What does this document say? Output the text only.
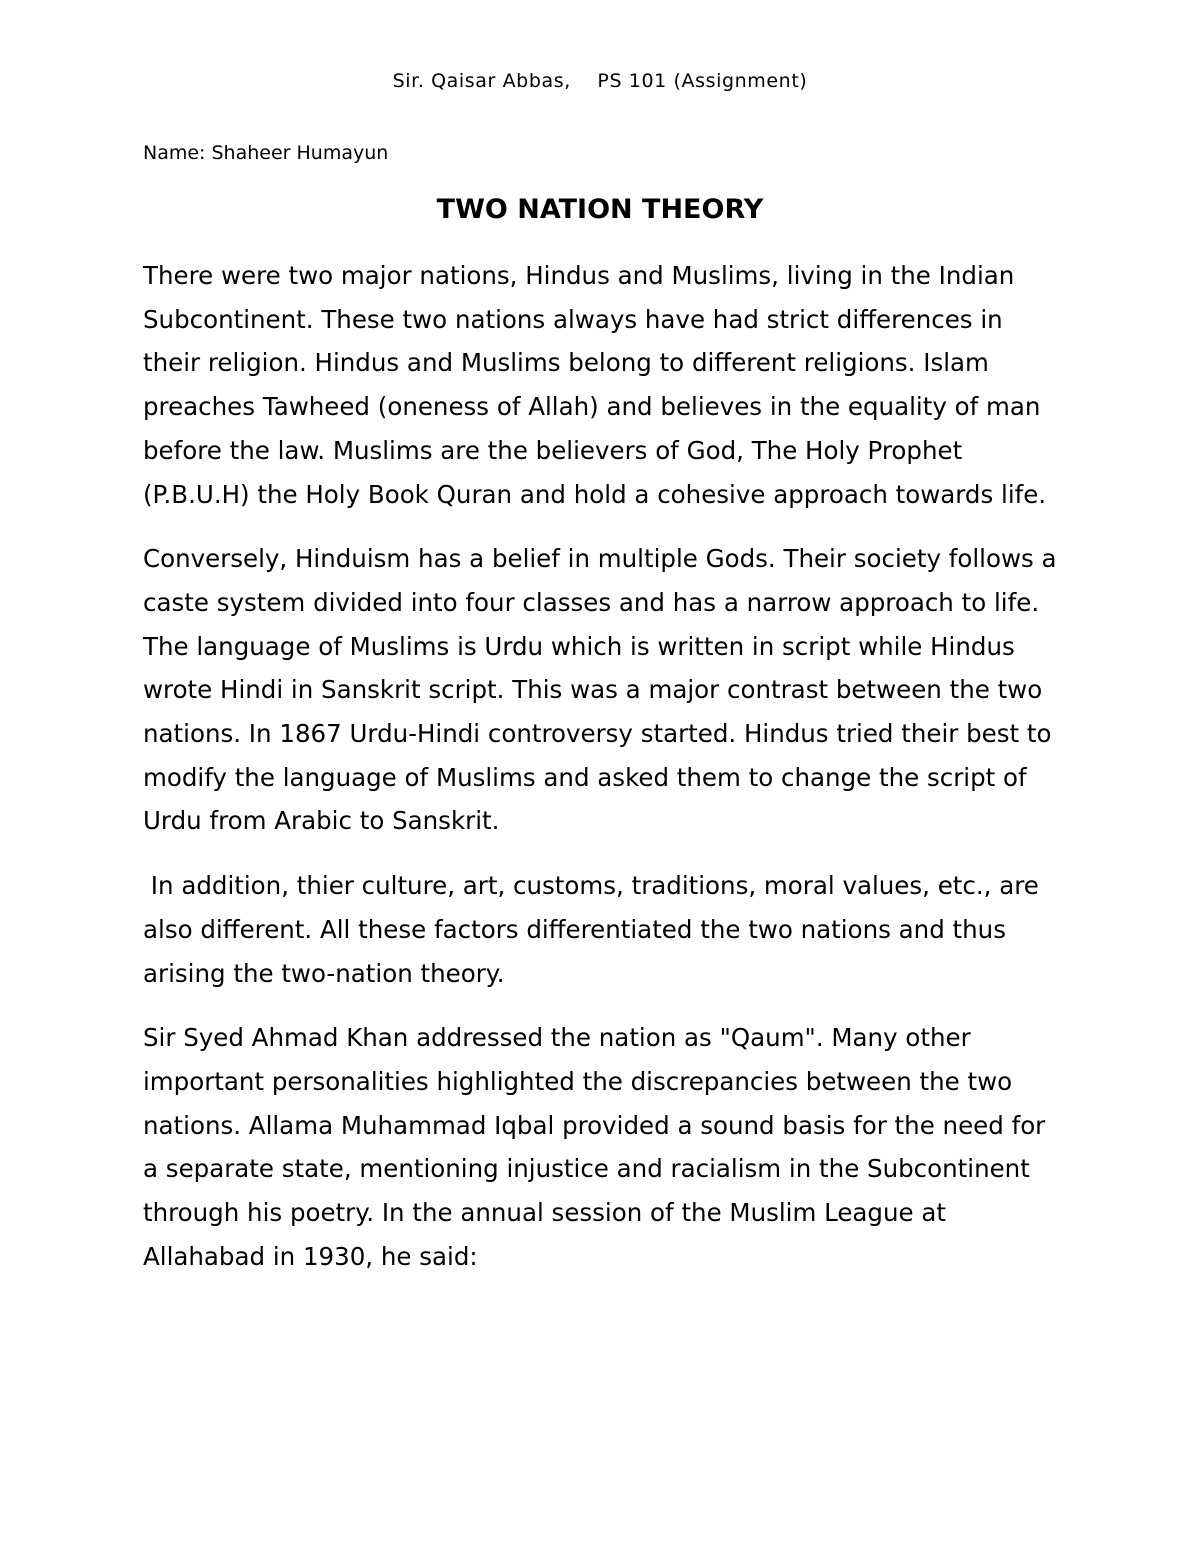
Sir. Qaisar Abbas,    PS 101 (Assignment)
Name: Shaheer Humayun
TWO NATION THEORY

There were two major nations, Hindus and Muslims, living in the Indian Subcontinent. These two nations always have had strict differences in their religion. Hindus and Muslims belong to different religions. Islam preaches Tawheed (oneness of Allah) and believes in the equality of man before the law. Muslims are the believers of God, The Holy Prophet (P.B.U.H) the Holy Book Quran and hold a cohesive approach towards life.

Conversely, Hinduism has a belief in multiple Gods. Their society follows a caste system divided into four classes and has a narrow approach to life. The language of Muslims is Urdu which is written in script while Hindus wrote Hindi in Sanskrit script. This was a major contrast between the two nations. In 1867 Urdu-Hindi controversy started. Hindus tried their best to modify the language of Muslims and asked them to change the script of Urdu from Arabic to Sanskrit.

In addition, thier culture, art, customs, traditions, moral values, etc., are also different. All these factors differentiated the two nations and thus arising the two-nation theory.

Sir Syed Ahmad Khan addressed the nation as "Qaum". Many other important personalities highlighted the discrepancies between the two nations. Allama Muhammad Iqbal provided a sound basis for the need for a separate state, mentioning injustice and racialism in the Subcontinent through his poetry. In the annual session of the Muslim League at Allahabad in 1930, he said:
